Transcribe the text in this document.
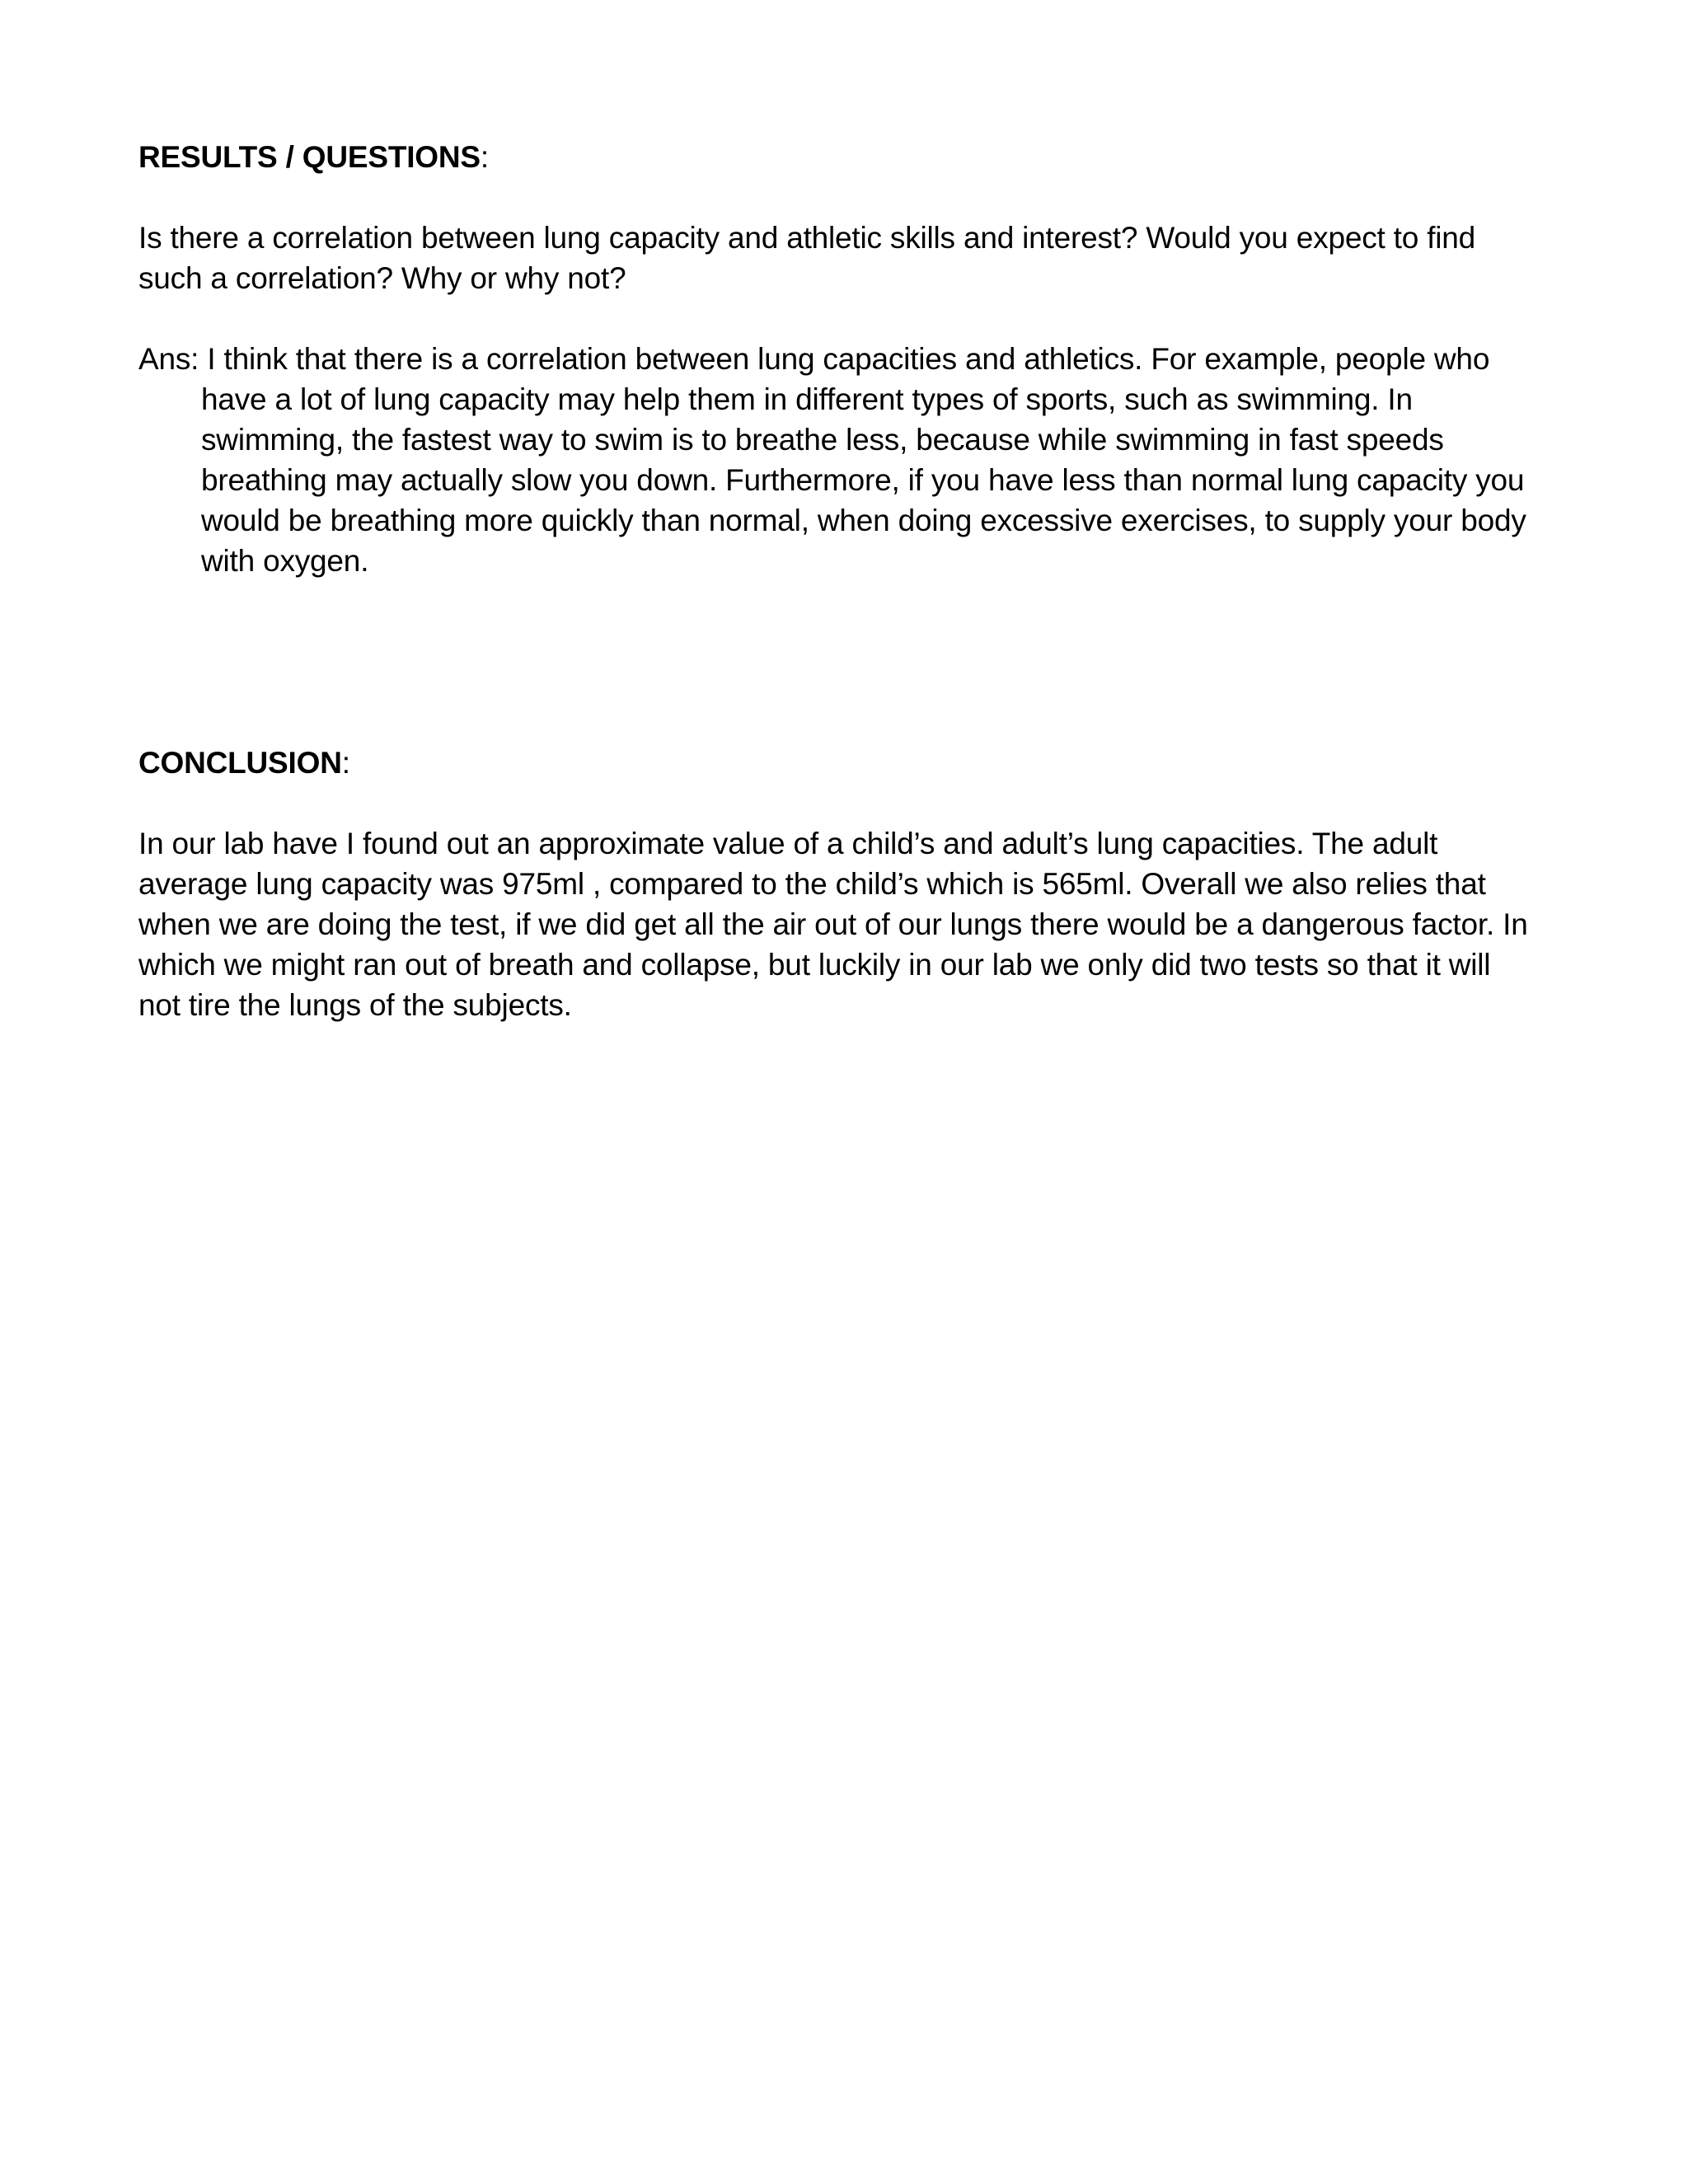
RESULTS / QUESTIONS:

Is there a correlation between lung capacity and athletic skills and interest? Would you expect to find such a correlation? Why or why not?

Ans: I think that there is a correlation between lung capacities and athletics. For example, people who have a lot of lung capacity may help them in different types of sports, such as swimming. In swimming, the fastest way to swim is to breathe less, because while swimming in fast speeds breathing may actually slow you down. Furthermore, if you have less than normal lung capacity you would be breathing more quickly than normal, when doing excessive exercises, to supply your body with oxygen.

CONCLUSION:

In our lab have I found out an approximate value of a child’s and adult’s lung capacities. The adult average lung capacity was 975ml , compared to the child’s which is 565ml. Overall we also relies that when we are doing the test, if we did get all the air out of our lungs there would be a dangerous factor. In which we might ran out of breath and collapse, but luckily in our lab we only did two tests so that it will not tire the lungs of the subjects.
